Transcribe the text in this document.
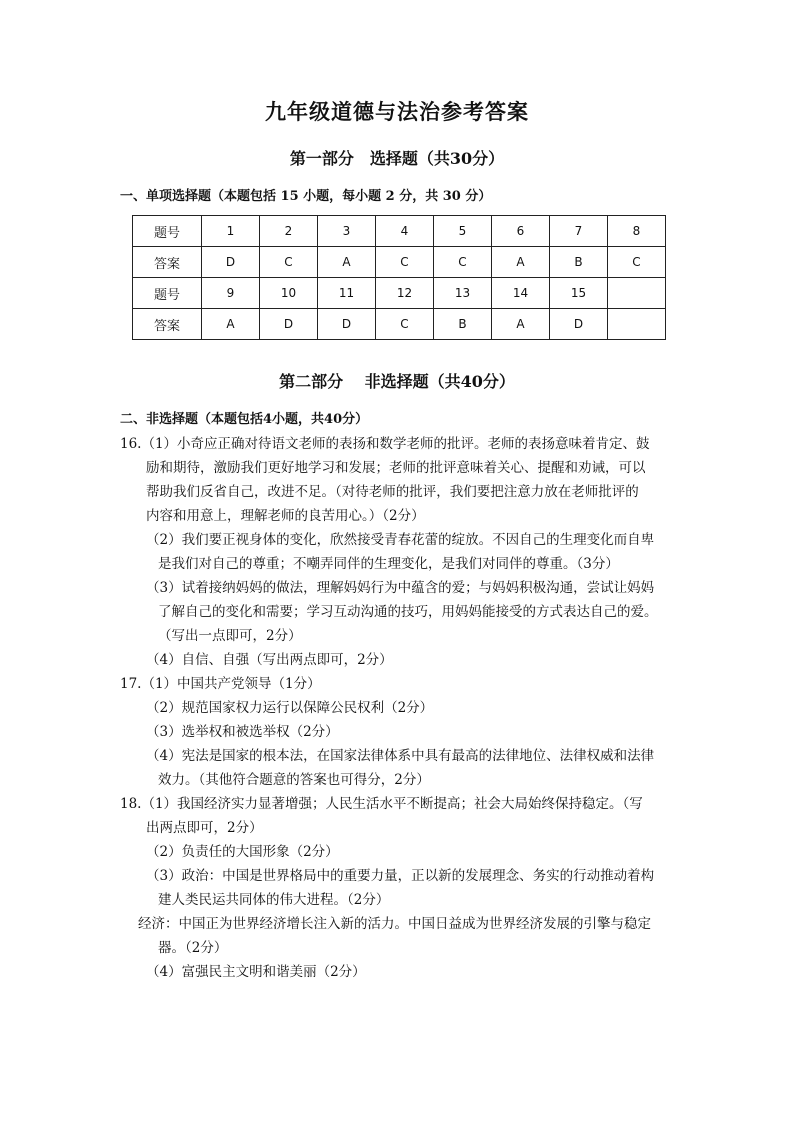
九年级道德与法治参考答案
第一部分　选择题（共30分）
一、单项选择题（本题包括 15 小题，每小题 2 分，共 30 分）
题号	1	2	3	4	5	6	7	8
答案	D	C	A	C	C	A	B	C
题号	9	10	11	12	13	14	15	
答案	A	D	D	C	B	A	D	
第二部分　 非选择题（共40分）
二、非选择题（本题包括4小题，共40分）
16.（1）小奇应正确对待语文老师的表扬和数学老师的批评。老师的表扬意味着肯定、鼓
励和期待，激励我们更好地学习和发展；老师的批评意味着关心、提醒和劝诫，可以
帮助我们反省自己，改进不足。（对待老师的批评，我们要把注意力放在老师批评的
内容和用意上，理解老师的良苦用心。）（2分）
（2）我们要正视身体的变化，欣然接受青春花蕾的绽放。不因自己的生理变化而自卑
是我们对自己的尊重；不嘲弄同伴的生理变化，是我们对同伴的尊重。（3分）
（3）试着接纳妈妈的做法，理解妈妈行为中蕴含的爱；与妈妈积极沟通，尝试让妈妈
了解自己的变化和需要；学习互动沟通的技巧，用妈妈能接受的方式表达自己的爱。
（写出一点即可，2分）
（4）自信、自强（写出两点即可，2分）
17.（1）中国共产党领导（1分）
（2）规范国家权力运行以保障公民权利（2分）
（3）选举权和被选举权（2分）
（4）宪法是国家的根本法，在国家法律体系中具有最高的法律地位、法律权威和法律
效力。（其他符合题意的答案也可得分，2分）
18.（1）我国经济实力显著增强；人民生活水平不断提高；社会大局始终保持稳定。（写
出两点即可，2分）
（2）负责任的大国形象（2分）
（3）政治：中国是世界格局中的重要力量，正以新的发展理念、务实的行动推动着构
建人类民运共同体的伟大进程。（2分）
经济：中国正为世界经济增长注入新的活力。中国日益成为世界经济发展的引擎与稳定
器。（2分）
（4）富强民主文明和谐美丽（2分）
